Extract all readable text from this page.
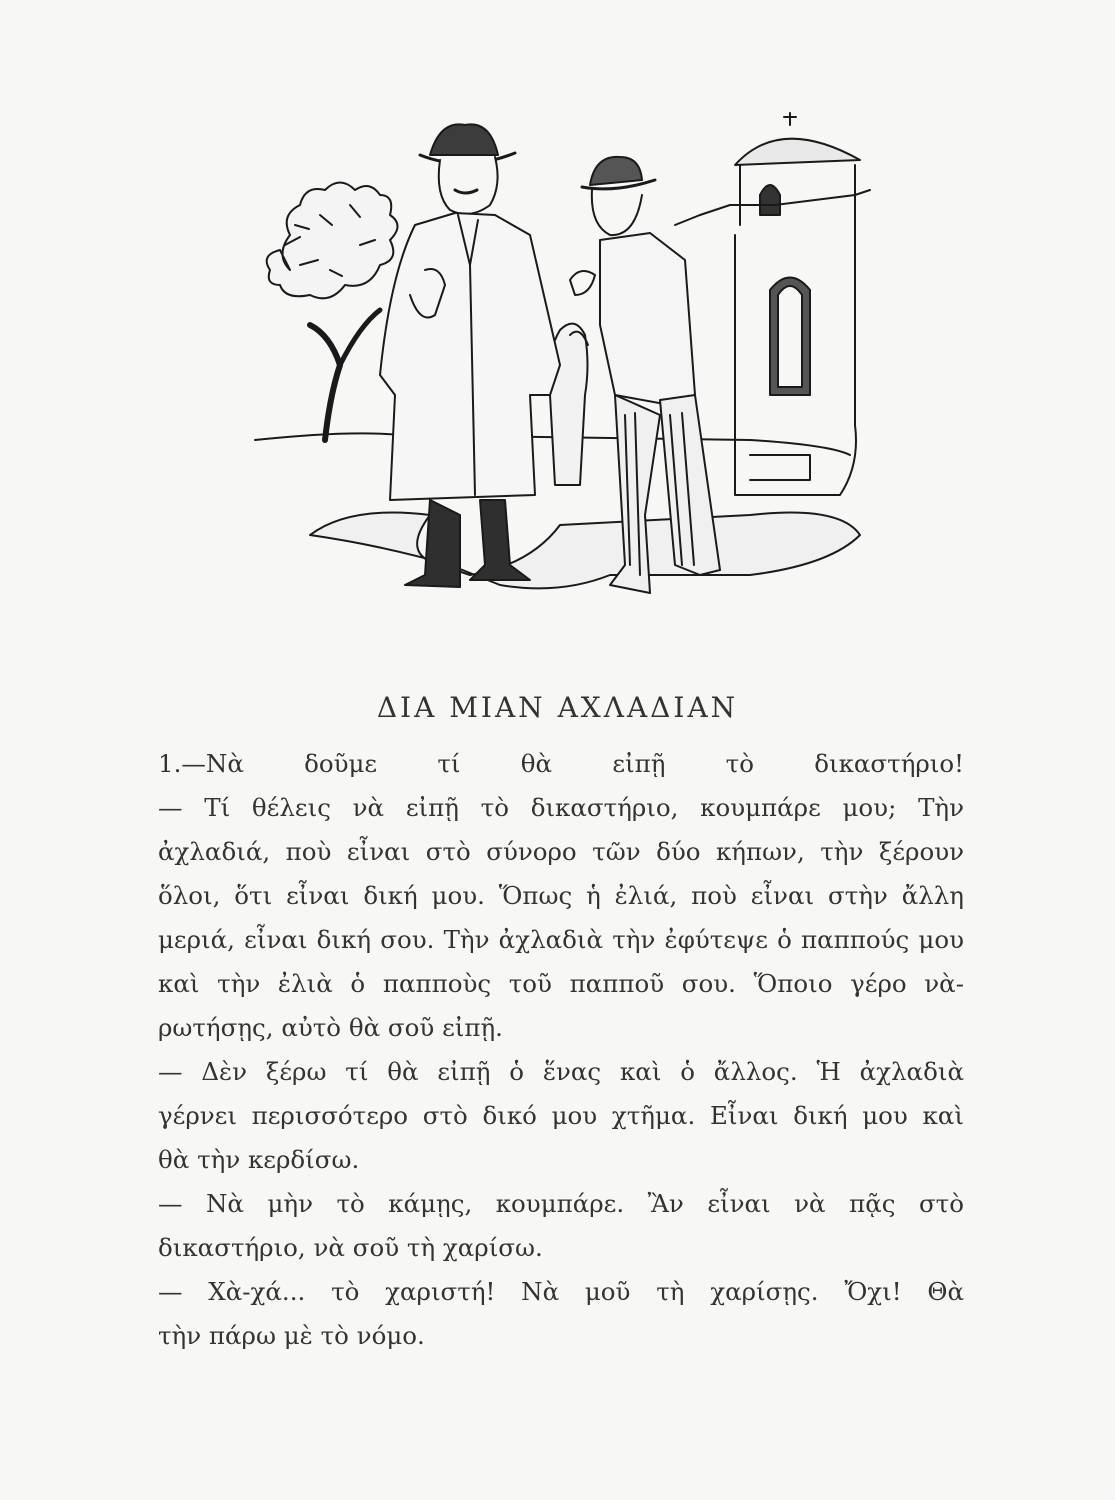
ΔΙΑ ΜΙΑΝ ΑΧΛΑΔΙΑΝ
1.—Νὰ δοῦμε τί θὰ εἰπῇ τὸ δικαστήριο!
— Τί θέλεις νὰ εἰπῇ τὸ δικαστήριο, κουμπάρε μου; Τὴν
ἀχλαδιά, ποὺ εἶναι στὸ σύνορο τῶν δύο κήπων, τὴν ξέρουν
ὅλοι, ὅτι εἶναι δική μου. Ὅπως ἡ ἐλιά, ποὺ εἶναι στὴν ἄλλη
μεριά, εἶναι δική σου. Τὴν ἀχλαδιὰ τὴν ἐφύτεψε ὁ παππούς μου
καὶ τὴν ἐλιὰ ὁ παπποὺς τοῦ παπποῦ σου. Ὅποιο γέρο νὰ-
ρωτήσῃς, αὐτὸ θὰ σοῦ εἰπῇ.
— Δὲν ξέρω τί θὰ εἰπῇ ὁ ἕνας καὶ ὁ ἄλλος. Ἡ ἀχλαδιὰ
γέρνει περισσότερο στὸ δικό μου χτῆμα. Εἶναι δική μου καὶ
θὰ τὴν κερδίσω.
— Νὰ μὴν τὸ κάμῃς, κουμπάρε. Ἂν εἶναι νὰ πᾷς στὸ
δικαστήριο, νὰ σοῦ τὴ χαρίσω.
— Χὰ-χά... τὸ χαριστή! Νὰ μοῦ τὴ χαρίσῃς. Ὄχι! Θὰ
τὴν πάρω μὲ τὸ νόμο.
